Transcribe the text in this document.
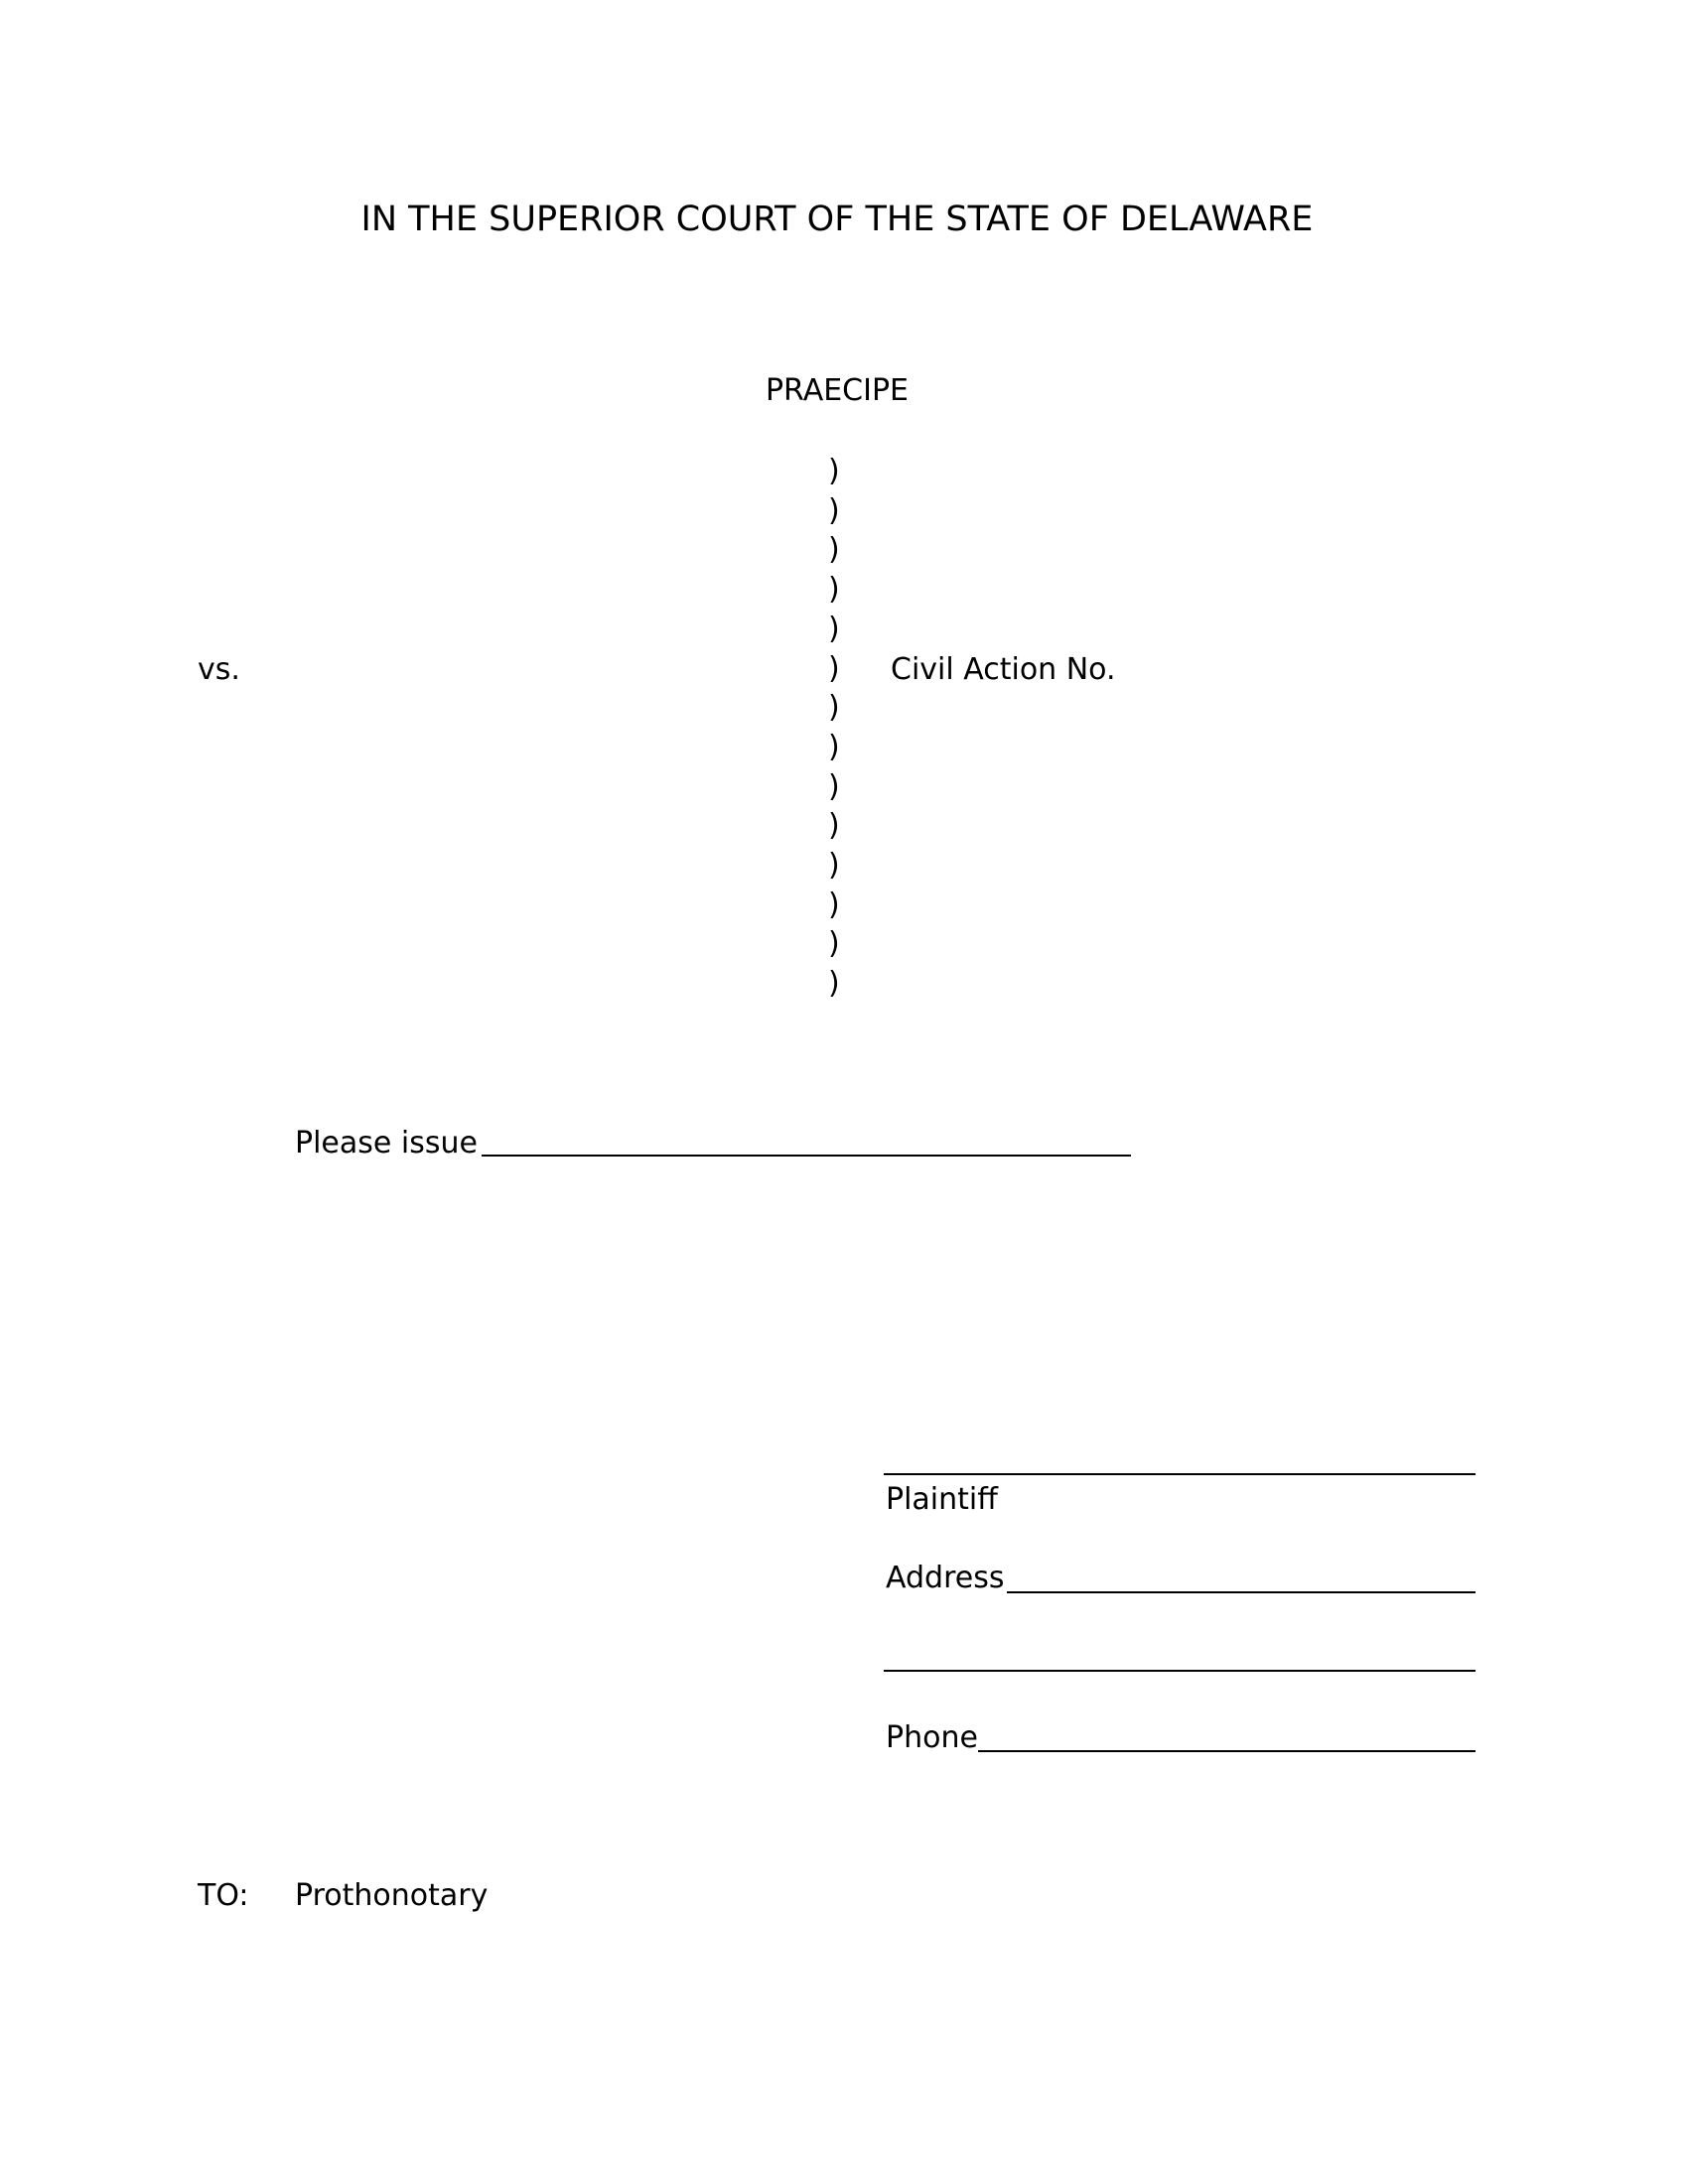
IN THE SUPERIOR COURT OF THE STATE OF DELAWARE
PRAECIPE
)
)
)
)
)
)
)
)
)
)
)
)
)
)
vs.	Civil Action No.
Please issue
Plaintiff
Address
Phone
TO: Prothonotary
